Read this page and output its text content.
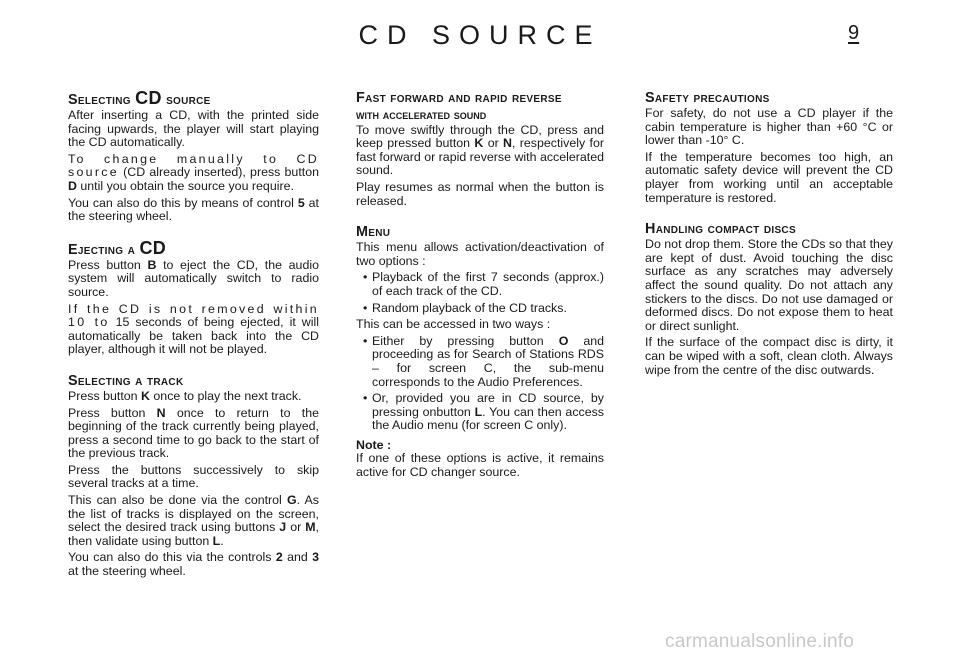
CD SOURCE	9
Selecting CD source

After inserting a CD, with the printed side facing upwards, the player will start playing the CD automatically.

To change manually to CD source (CD already inserted), press button D until you obtain the source you require.

You can also do this by means of control 5 at the steering wheel.

Ejecting a CD

Press button B to eject the CD, the audio system will automatically switch to radio source.

If the CD is not removed within 10 to 15 seconds of being ejected, it will automatically be taken back into the CD player, although it will not be played.

Selecting a track

Press button K once to play the next track.

Press button N once to return to the beginning of the track currently being played, press a second time to go back to the start of the previous track.

Press the buttons successively to skip several tracks at a time.

This can also be done via the control G. As the list of tracks is displayed on the screen, select the desired track using buttons J or M, then validate using button L.

You can also do this via the controls 2 and 3 at the steering wheel.

Fast forward and rapid reverse
with accelerated sound

To move swiftly through the CD, press and keep pressed button K or N, respectively for fast forward or rapid reverse with accelerated sound.

Play resumes as normal when the button is released.

Menu

This menu allows activation/deactivation of two options :

• Playback of the first 7 seconds (approx.) of each track of the CD.
• Random playback of the CD tracks.

This can be accessed in two ways :

• Either by pressing button O and proceeding as for Search of Stations RDS – for screen C, the sub-menu corresponds to the Audio Preferences.
• Or, provided you are in CD source, by pressing onbutton L. You can then access the Audio menu (for screen C only).

Note :

If one of these options is active, it remains active for CD changer source.

Safety precautions

For safety, do not use a CD player if the cabin temperature is higher than +60 °C or lower than -10° C.

If the temperature becomes too high, an automatic safety device will prevent the CD player from working until an acceptable temperature is restored.

Handling compact discs

Do not drop them. Store the CDs so that they are kept of dust. Avoid touching the disc surface as any scratches may adversely affect the sound quality. Do not attach any stickers to the discs. Do not use damaged or deformed discs. Do not expose them to heat or direct sunlight.

If the surface of the compact disc is dirty, it can be wiped with a soft, clean cloth. Always wipe from the centre of the disc outwards.

carmanualsonline.info
